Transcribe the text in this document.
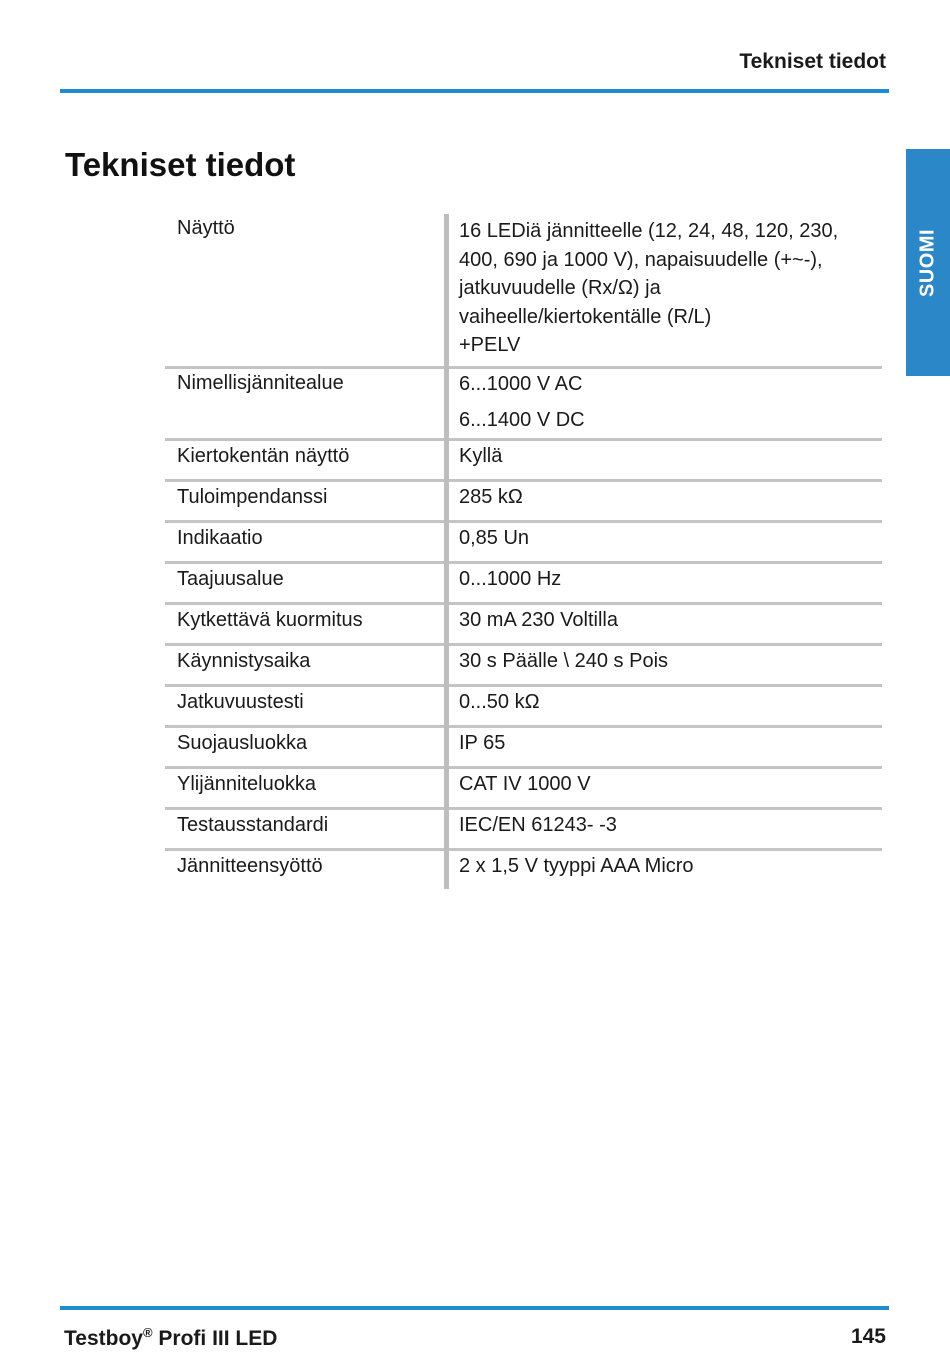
Tekniset tiedot
Tekniset tiedot
SUOMI
Näyttö	16 LEDiä jännitteelle (12, 24, 48, 120, 230,
400, 690 ja 1000 V), napaisuudelle (+~-),
jatkuvuudelle (Rx/Ω) ja
vaiheelle/kiertokentälle (R/L)
+PELV

Nimellisjännitealue	6...1000 V AC
6...1400 V DC

Kiertokentän näyttö	Kyllä
Tuloimpendanssi	285 kΩ
Indikaatio	0,85 Un
Taajuusalue	0...1000 Hz
Kytkettävä kuormitus	30 mA 230 Voltilla
Käynnistysaika	30 s Päälle \ 240 s Pois
Jatkuvuustesti	0...50 kΩ
Suojausluokka	IP 65
Ylijänniteluokka	CAT IV 1000 V
Testausstandardi	IEC/EN 61243- -3
Jännitteensyöttö	2 x 1,5 V tyyppi AAA Micro
Testboy® Profi III LED	145
